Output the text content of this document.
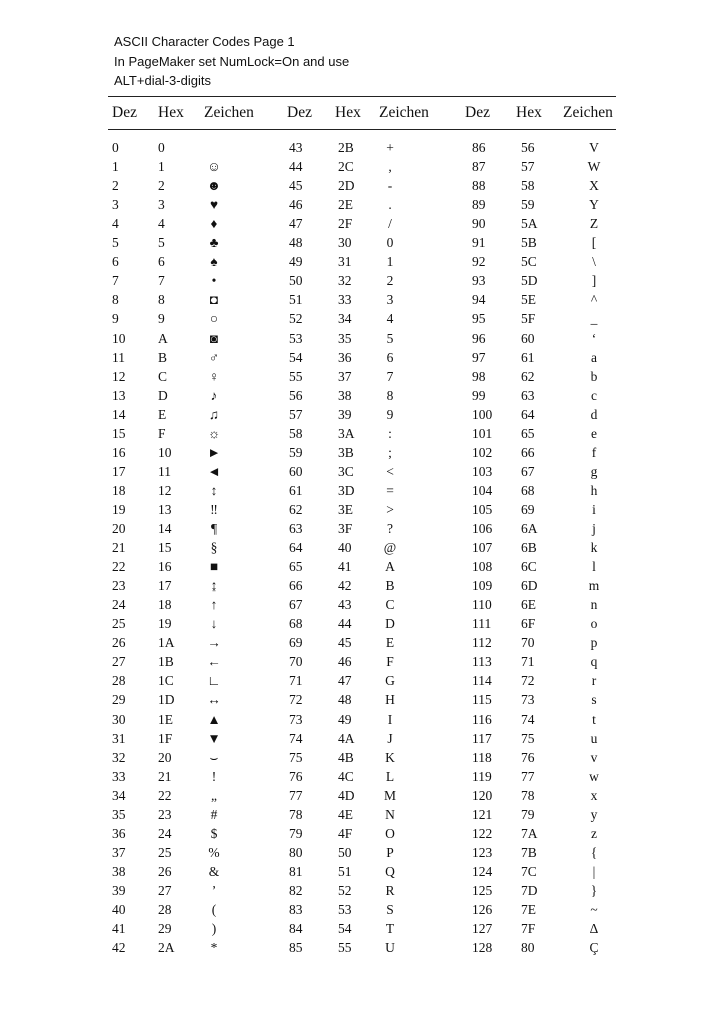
ASCII Character Codes Page 1
In PageMaker set NumLock=On and use
ALT+dial-3-digits
Dez Hex Zeichen
0	0
1	1	☺
2	2	☻
3	3	♥
4	4	♦
5	5	♣
6	6	♠
7	7	•
8	8	◘
9	9	○
10 A	◙
11 B	♂
12 C	♀
13 D	♪
14 E	♫
15 F	☼
16 10	►
17 11	◄
18 12	↕
19 13	‼
20 14	¶
21 15	§
22 16	■
23 17	↨
24 18	↑
25 19	↓
26 1A →
27 1B ←
28 1C ∟
29 1D ↔
30 1E	▲
31 1F	▼
32 20	⌣
33 21	!
34 22	„
35 23	#
36 24	$
37 25	%
38 26	&
39 27	’
40 28	(
41 29	)
42 2A	*
Dez Hex Zeichen
43	2B	+
44	2C	,
45	2D	-
46	2E	.
47	2F	/
48	30	0
49	31	1
50	32	2
51	33	3
52	34	4
53	35	5
54	36	6
55	37	7
56	38	8
57	39	9
58	3A	:
59	3B	;
60	3C	<
61	3D	=
62	3E	>
63	3F	?
64	40 @
65	41	A
66	42	B
67	43	C
68	44	D
69	45	E
70	46	F
71	47	G
72	48	H
73	49	I
74	4A	J
75	4B	K
76	4C	L
77	4D M
78	4E	N
79	4F	O
80	50	P
81	51	Q
82	52	R
83	53	S
84	54	T
85	55	U
Dez Hex Zeichen
86	56	V
87	57	W
88	58	X
89	59	Y
90	5A	Z
91	5B	[
92	5C	\
93	5D	]
94	5E	^
95	5F	_
96	60	‘
97	61	a
98	62	b
99	63	c
100 64	d
101 65	e
102 66	f
103 67	g
104 68	h
105 69	i
106 6A	j
107 6B	k
108 6C	l
109 6D	m
110 6E	n
111 6F	o
112 70	p
113 71	q
114 72	r
115 73	s
116 74	t
117 75	u
118 76	v
119 77	w
120 78	x
121 79	y
122 7A	z
123 7B	{
124 7C	|
125 7D	}
126 7E	~
127 7F	Δ
128 80	Ç
